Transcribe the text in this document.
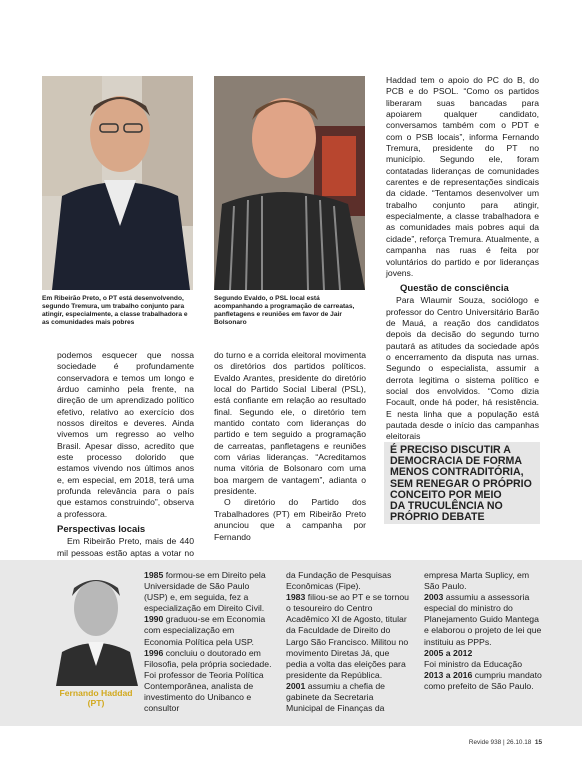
Em Ribeirão Preto, o PT está desenvolvendo, segundo Tremura, um trabalho conjunto para atingir, especialmente, a classe trabalhadora e as comunidades mais pobres
Segundo Evaldo, o PSL local está acompanhando a programação de carreatas, panfletagens e reuniões em favor de Jair Bolsonaro

podemos esquecer que nossa sociedade é profundamente conservadora e temos um longo e árduo caminho pela frente, na direção de um aprendizado político efetivo, relativo ao exercício dos nossos direitos e deveres. Ainda vivemos um regresso ao velho Brasil. Apesar disso, acredito que este processo dolorido que estamos vivendo nos últimos anos e, em especial, em 2018, terá uma profunda relevância para o país que estamos construindo”, observa a professora.

Perspectivas locais

Em Ribeirão Preto, mais de 440 mil pessoas estão aptas a votar no

do turno e a corrida eleitoral movimenta os diretórios dos partidos políticos. Evaldo Arantes, presidente do diretório local do Partido Social Liberal (PSL), está confiante em relação ao resultado final. Segundo ele, o diretório tem mantido contato com lideranças do partido e tem seguido a programação de carreatas, panfletagens e reuniões com várias lideranças. “Acreditamos numa vitória de Bolsonaro com uma boa margem de vantagem”, adianta o presidente.

O diretório do Partido dos Trabalhadores (PT) em Ribeirão Preto anunciou que a campanha por Fernando

Haddad tem o apoio do PC do B, do PCB e do PSOL. “Como os partidos liberaram suas bancadas para apoiarem qualquer candidato, conversamos também com o PDT e com o PSB locais”, informa Fernando Tremura, presidente do PT no município. Segundo ele, foram contatadas lideranças de comunidades carentes e de representações sindicais da cidade. “Tentamos desenvolver um trabalho conjunto para atingir, especialmente, a classe trabalhadora e as comunidades mais pobres aqui da cidade”, reforça Tremura. Atualmente, a campanha nas ruas é feita por voluntários do partido e por lideranças jovens.

Questão de consciência

Para Wlaumir Souza, sociólogo e professor do Centro Universitário Barão de Mauá, a reação dos candidatos depois da decisão do segundo turno pautará as atitudes da sociedade após o encerramento da disputa nas urnas. Segundo o especialista, assumir a derrota legitima o sistema político e social dos envolvidos. “Como dizia Focault, onde há poder, há resistência. E nesta linha que a população está pautada desde o início das campanhas eleitorais

É PRECISO DISCUTIR A
DEMOCRACIA DE FORMA
MENOS CONTRADITÓRIA,
SEM RENEGAR O PRÓPRIO
CONCEITO POR MEIO
DA TRUCULÊNCIA NO
PRÓPRIO DEBATE
Fernando Haddad
(PT)

1985 formou-se em Direito pela Universidade de São Paulo (USP) e, em seguida, fez a especialização em Direito Civil.

1990 graduou-se em Economia com especialização em Economia Política pela USP.

1996 concluiu o doutorado em Filosofia, pela própria sociedade. Foi professor de Teoria Política Contemporânea, analista de investimento do Unibanco e consultor

da Fundação de Pesquisas Econômicas (Fipe).

1983 filiou-se ao PT e se tornou o tesoureiro do Centro Acadêmico XI de Agosto, titular da Faculdade de Direito do Largo São Francisco. Militou no movimento Diretas Já, que pedia a volta das eleições para presidente da República.

2001 assumiu a chefia de gabinete da Secretaria Municipal de Finanças da

empresa Marta Suplicy, em São Paulo.

2003 assumiu a assessoria especial do ministro do Planejamento Guido Mantega e elaborou o projeto de lei que instituiu as PPPs.

2005 a 2012

Foi ministro da Educação

2013 a 2016 cumpriu mandato como prefeito de São Paulo.

Revide 938 | 26.10.18 15
